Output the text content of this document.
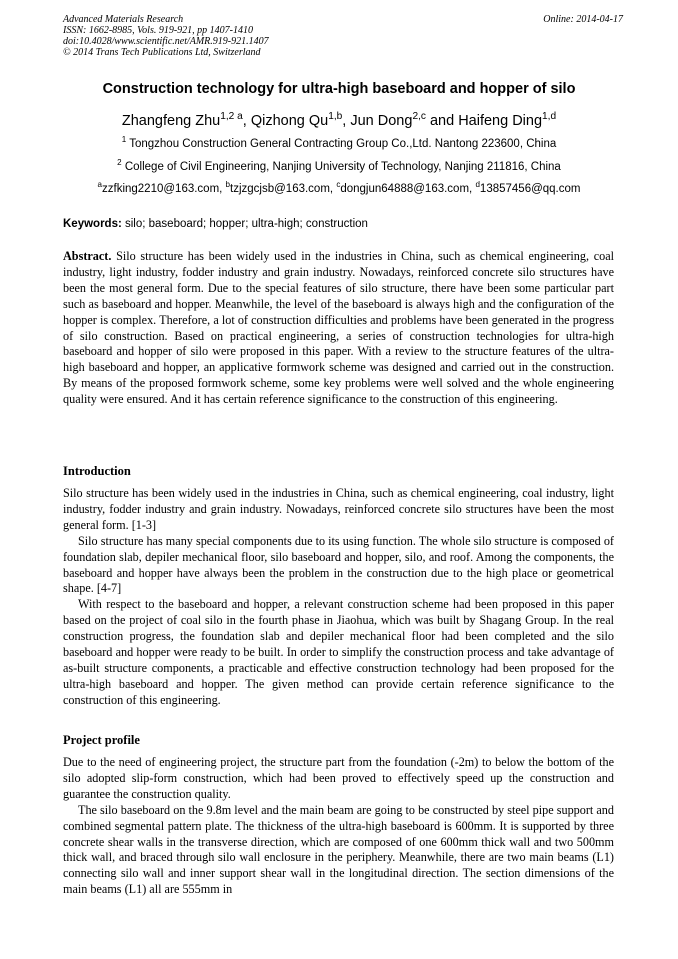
Advanced Materials Research
ISSN: 1662-8985, Vols. 919-921, pp 1407-1410
doi:10.4028/www.scientific.net/AMR.919-921.1407
© 2014 Trans Tech Publications Ltd, Switzerland
Online: 2014-04-17
Construction technology for ultra-high baseboard and hopper of silo
Zhangfeng Zhu$^{1,2 a}$, Qizhong Qu$^{1,b}$, Jun Dong$^{2,c}$ and Haifeng Ding$^{1,d}$
$^1$ Tongzhou Construction General Contracting Group Co.,Ltd. Nantong 223600, China
$^2$ College of Civil Engineering, Nanjing University of Technology, Nanjing 211816, China
$^a$zzfking2210@163.com, $^b$tzjzgcjsb@163.com, $^c$dongjun64888@163.com, $^d$13857456@qq.com
Keywords: silo; baseboard; hopper; ultra-high; construction
Abstract. Silo structure has been widely used in the industries in China, such as chemical engineering, coal industry, light industry, fodder industry and grain industry. Nowadays, reinforced concrete silo structures have been the most general form. Due to the special features of silo structure, there have been some particular part such as baseboard and hopper. Meanwhile, the level of the baseboard is always high and the configuration of the hopper is complex. Therefore, a lot of construction difficulties and problems have been generated in the progress of silo construction. Based on practical engineering, a series of construction technologies for ultra-high baseboard and hopper of silo were proposed in this paper. With a review to the structure features of the ultra-high baseboard and hopper, an applicative formwork scheme was designed and carried out in the construction. By means of the proposed formwork scheme, some key problems were well solved and the whole engineering quality were ensured. And it has certain reference significance to the construction of this engineering.
Introduction

Silo structure has been widely used in the industries in China, such as chemical engineering, coal industry, light industry, fodder industry and grain industry. Nowadays, reinforced concrete silo structures have been the most general form. [1-3]

Silo structure has many special components due to its using function. The whole silo structure is composed of foundation slab, depiler mechanical floor, silo baseboard and hopper, silo, and roof. Among the components, the baseboard and hopper have always been the problem in the construction due to the high place or geometrical shape. [4-7]

With respect to the baseboard and hopper, a relevant construction scheme had been proposed in this paper based on the project of coal silo in the fourth phase in Jiaohua, which was built by Shagang Group. In the real construction progress, the foundation slab and depiler mechanical floor had been completed and the silo baseboard and hopper were ready to be built. In order to simplify the construction process and take advantage of as-built structure components, a practicable and effective construction technology had been proposed for the ultra-high baseboard and hopper. The given method can provide certain reference significance to the construction of this engineering.

Project profile

Due to the need of engineering project, the structure part from the foundation (-2m) to below the bottom of the silo adopted slip-form construction, which had been proved to effectively speed up the construction and guarantee the construction quality.

The silo baseboard on the 9.8m level and the main beam are going to be constructed by steel pipe support and combined segmental pattern plate. The thickness of the ultra-high baseboard is 600mm. It is supported by three concrete shear walls in the transverse direction, which are composed of one 600mm thick wall and two 500mm thick wall, and braced through silo wall enclosure in the periphery. Meanwhile, there are two main beams (L1) connecting silo wall and inner support shear wall in the longitudinal direction. The section dimensions of the main beams (L1) all are 555mm in
